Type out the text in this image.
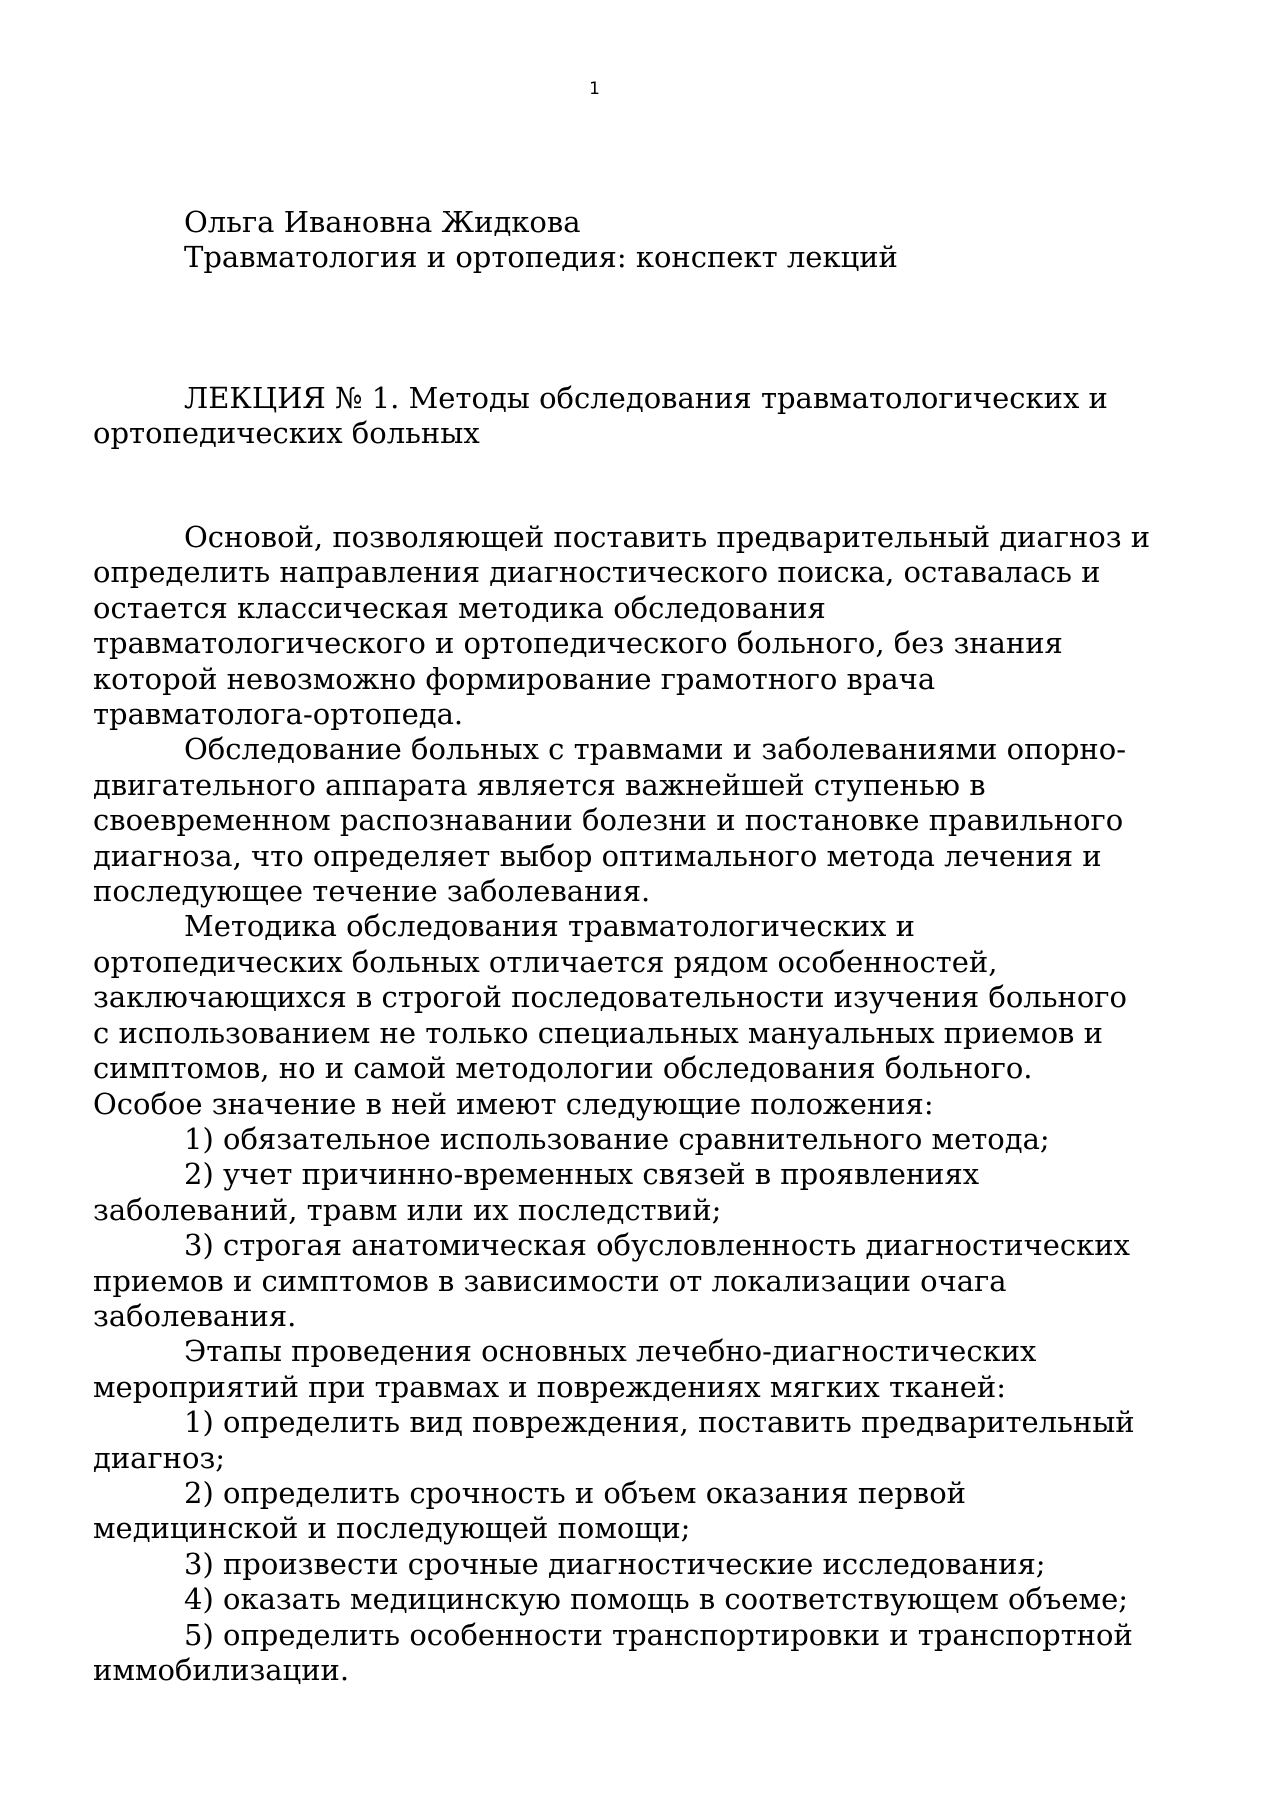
1
Ольга Ивановна Жидкова
Травматология и ортопедия: конспект лекций
ЛЕКЦИЯ № 1. Методы обследования травматологических и
ортопедических больных
Основой, позволяющей поставить предварительный диагноз и
определить направления диагностического поиска, оставалась и
остается классическая методика обследования
травматологического и ортопедического больного, без знания
которой невозможно формирование грамотного врача
травматолога-ортопеда.
Обследование больных с травмами и заболеваниями опорно-
двигательного аппарата является важнейшей ступенью в
своевременном распознавании болезни и постановке правильного
диагноза, что определяет выбор оптимального метода лечения и
последующее течение заболевания.
Методика обследования травматологических и
ортопедических больных отличается рядом особенностей,
заключающихся в строгой последовательности изучения больного
с использованием не только специальных мануальных приемов и
симптомов, но и самой методологии обследования больного.
Особое значение в ней имеют следующие положения:
1) обязательное использование сравнительного метода;
2) учет причинно-временных связей в проявлениях
заболеваний, травм или их последствий;
3) строгая анатомическая обусловленность диагностических
приемов и симптомов в зависимости от локализации очага
заболевания.
Этапы проведения основных лечебно-диагностических
мероприятий при травмах и повреждениях мягких тканей:
1) определить вид повреждения, поставить предварительный
диагноз;
2) определить срочность и объем оказания первой
медицинской и последующей помощи;
3) произвести срочные диагностические исследования;
4) оказать медицинскую помощь в соответствующем объеме;
5) определить особенности транспортировки и транспортной
иммобилизации.
